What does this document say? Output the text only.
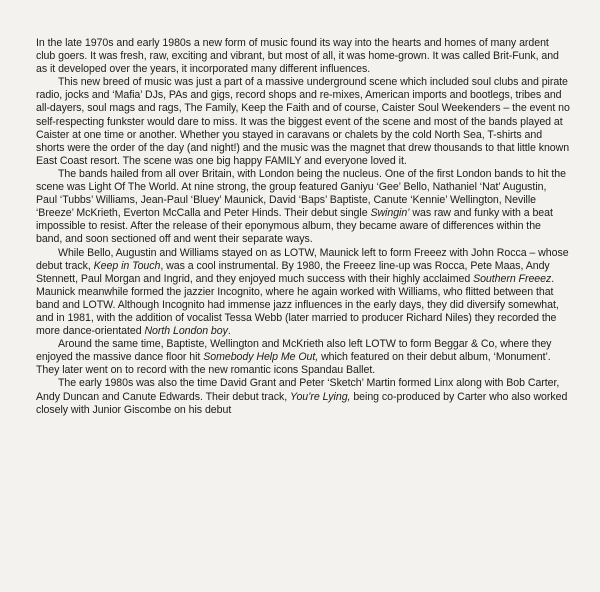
In the late 1970s and early 1980s a new form of music found its way into the hearts and homes of many ardent club goers. It was fresh, raw, exciting and vibrant, but most of all, it was home-grown. It was called Brit-Funk, and as it developed over the years, it incorporated many different influences.

This new breed of music was just a part of a massive underground scene which included soul clubs and pirate radio, jocks and ‘Mafia’ DJs, PAs and gigs, record shops and re-mixes, American imports and bootlegs, tribes and all-dayers, soul mags and rags, The Family, Keep the Faith and of course, Caister Soul Weekenders – the event no self-respecting funkster would dare to miss. It was the biggest event of the scene and most of the bands played at Caister at one time or another. Whether you stayed in caravans or chalets by the cold North Sea, T-shirts and shorts were the order of the day (and night!) and the music was the magnet that drew thousands to that little known East Coast resort. The scene was one big happy FAMILY and everyone loved it.

The bands hailed from all over Britain, with London being the nucleus. One of the first London bands to hit the scene was Light Of The World. At nine strong, the group featured Ganiyu ‘Gee’ Bello, Nathaniel ‘Nat’ Augustin, Paul ‘Tubbs’ Williams, Jean-Paul ‘Bluey’ Maunick, David ‘Baps’ Baptiste, Canute ‘Kennie’ Wellington, Neville ‘Breeze’ McKrieth, Everton McCalla and Peter Hinds. Their debut single Swingin’ was raw and funky with a beat impossible to resist. After the release of their eponymous album, they became aware of differences within the band, and soon sectioned off and went their separate ways.

While Bello, Augustin and Williams stayed on as LOTW, Maunick left to form Freeez with John Rocca – whose debut track, Keep in Touch, was a cool instrumental. By 1980, the Freeez line-up was Rocca, Pete Maas, Andy Stennett, Paul Morgan and Ingrid, and they enjoyed much success with their highly acclaimed Southern Freeez. Maunick meanwhile formed the jazzier Incognito, where he again worked with Williams, who flitted between that band and LOTW. Although Incognito had immense jazz influences in the early days, they did diversify somewhat, and in 1981, with the addition of vocalist Tessa Webb (later married to producer Richard Niles) they recorded the more dance-orientated North London boy.

Around the same time, Baptiste, Wellington and McKrieth also left LOTW to form Beggar & Co, where they enjoyed the massive dance floor hit Somebody Help Me Out, which featured on their debut album, ‘Monument’. They later went on to record with the new romantic icons Spandau Ballet.

The early 1980s was also the time David Grant and Peter ‘Sketch’ Martin formed Linx along with Bob Carter, Andy Duncan and Canute Edwards. Their debut track, You’re Lying, being co-produced by Carter who also worked closely with Junior Giscombe on his debut
